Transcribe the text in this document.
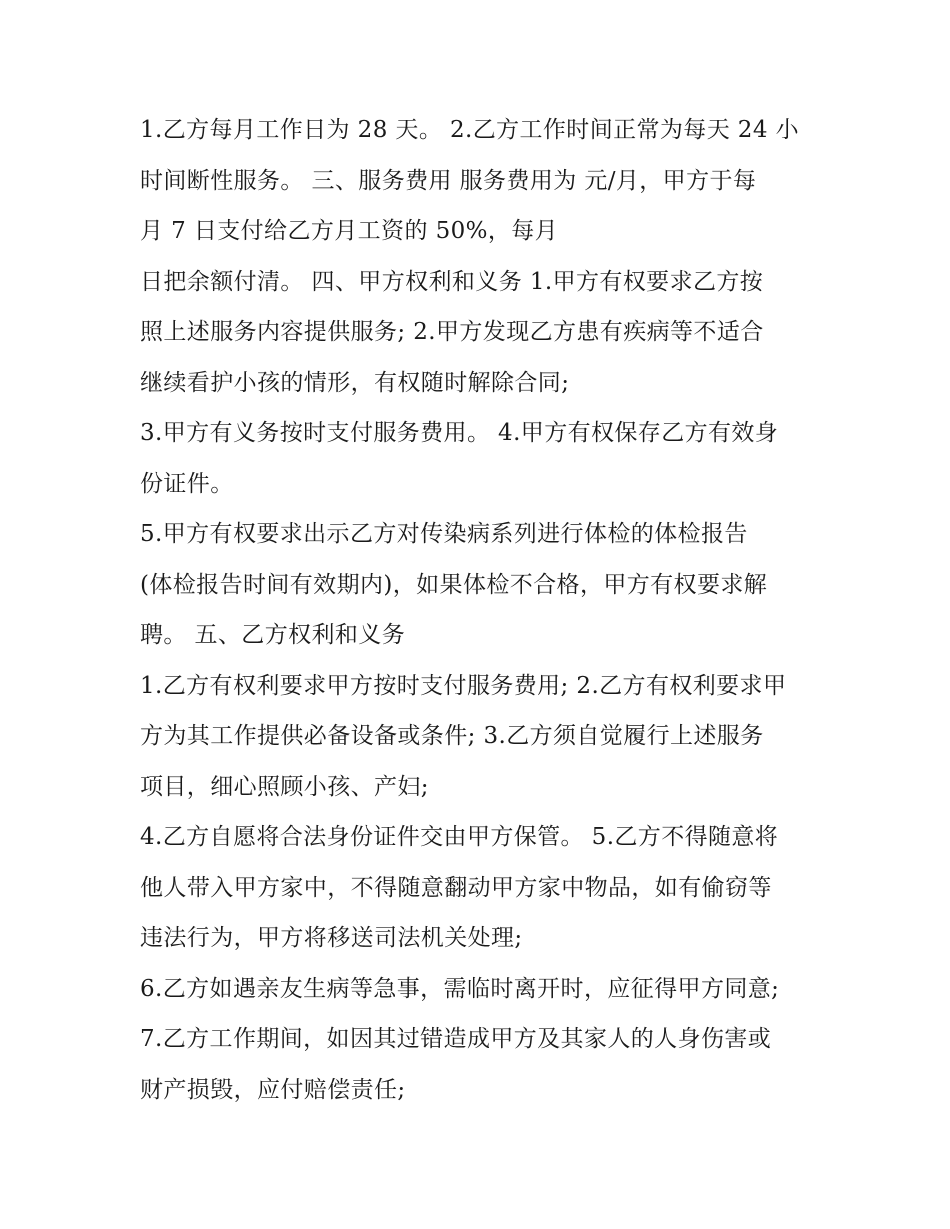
1.乙方每月工作日为 28 天。 2.乙方工作时间正常为每天 24 小
时间断性服务。 三、服务费用 服务费用为 元/月，甲方于每
月 7 日支付给乙方月工资的 50%，每月
日把余额付清。 四、甲方权利和义务 1.甲方有权要求乙方按
照上述服务内容提供服务; 2.甲方发现乙方患有疾病等不适合
继续看护小孩的情形，有权随时解除合同;
3.甲方有义务按时支付服务费用。 4.甲方有权保存乙方有效身
份证件。
5.甲方有权要求出示乙方对传染病系列进行体检的体检报告
(体检报告时间有效期内)，如果体检不合格，甲方有权要求解
聘。 五、乙方权利和义务
1.乙方有权利要求甲方按时支付服务费用; 2.乙方有权利要求甲
方为其工作提供必备设备或条件; 3.乙方须自觉履行上述服务
项目，细心照顾小孩、产妇;
4.乙方自愿将合法身份证件交由甲方保管。 5.乙方不得随意将
他人带入甲方家中，不得随意翻动甲方家中物品，如有偷窃等
违法行为，甲方将移送司法机关处理;
6.乙方如遇亲友生病等急事，需临时离开时，应征得甲方同意;
7.乙方工作期间，如因其过错造成甲方及其家人的人身伤害或
财产损毁，应付赔偿责任;
